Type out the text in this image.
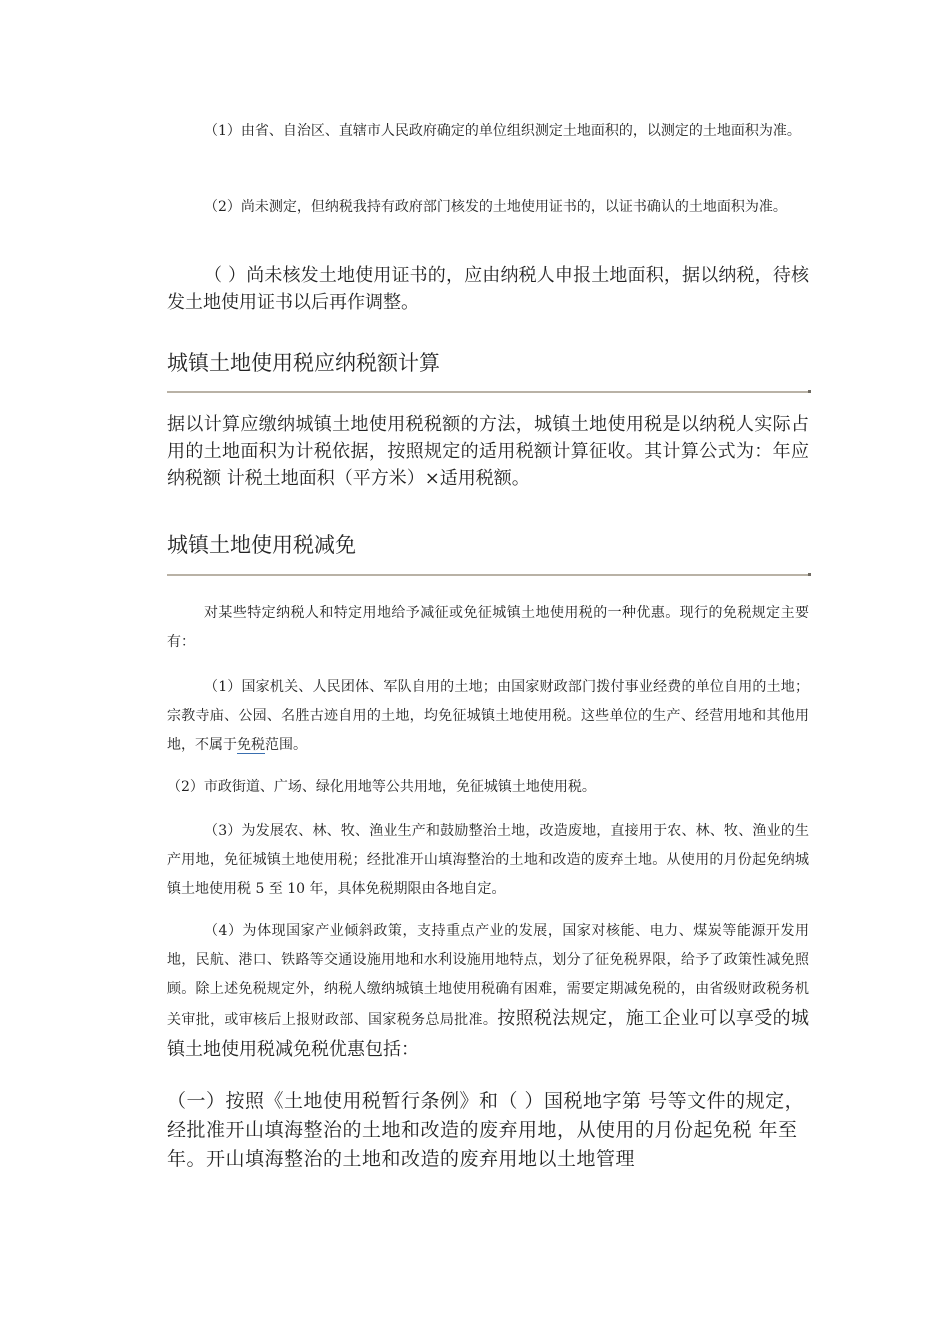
（1）由省、自治区、直辖市人民政府确定的单位组织测定土地面积的，以测定的土地面积为准。

（2）尚未测定，但纳税我持有政府部门核发的土地使用证书的，以证书确认的土地面积为准。

（ ）尚未核发土地使用证书的，应由纳税人申报土地面积，据以纳税，待核发土地使用证书以后再作调整。

城镇土地使用税应纳税额计算

据以计算应缴纳城镇土地使用税税额的方法，城镇土地使用税是以纳税人实际占用的土地面积为计税依据，按照规定的适用税额计算征收。其计算公式为：年应纳税额 计税土地面积（平方米）×适用税额。

城镇土地使用税减免

对某些特定纳税人和特定用地给予减征或免征城镇土地使用税的一种优惠。现行的免税规定主要有：

（1）国家机关、人民团体、军队自用的土地；由国家财政部门拨付事业经费的单位自用的土地；宗教寺庙、公园、名胜古迹自用的土地，均免征城镇土地使用税。这些单位的生产、经营用地和其他用地，不属于免税范围。

（2）市政街道、广场、绿化用地等公共用地，免征城镇土地使用税。

（3）为发展农、林、牧、渔业生产和鼓励整治土地，改造废地，直接用于农、林、牧、渔业的生产用地，免征城镇土地使用税；经批准开山填海整治的土地和改造的废弃土地。从使用的月份起免纳城镇土地使用税 5 至 10 年，具体免税期限由各地自定。

（4）为体现国家产业倾斜政策，支持重点产业的发展，国家对核能、电力、煤炭等能源开发用地，民航、港口、铁路等交通设施用地和水利设施用地特点，划分了征免税界限，给予了政策性减免照顾。除上述免税规定外，纳税人缴纳城镇土地使用税确有困难，需要定期减免税的，由省级财政税务机关审批，或审核后上报财政部、国家税务总局批准。按照税法规定，施工企业可以享受的城镇土地使用税减免税优惠包括：

（一）按照《土地使用税暂行条例》和（ ）国税地字第 号等文件的规定，经批准开山填海整治的土地和改造的废弃用地，从使用的月份起免税 年至 年。开山填海整治的土地和改造的废弃用地以土地管理
